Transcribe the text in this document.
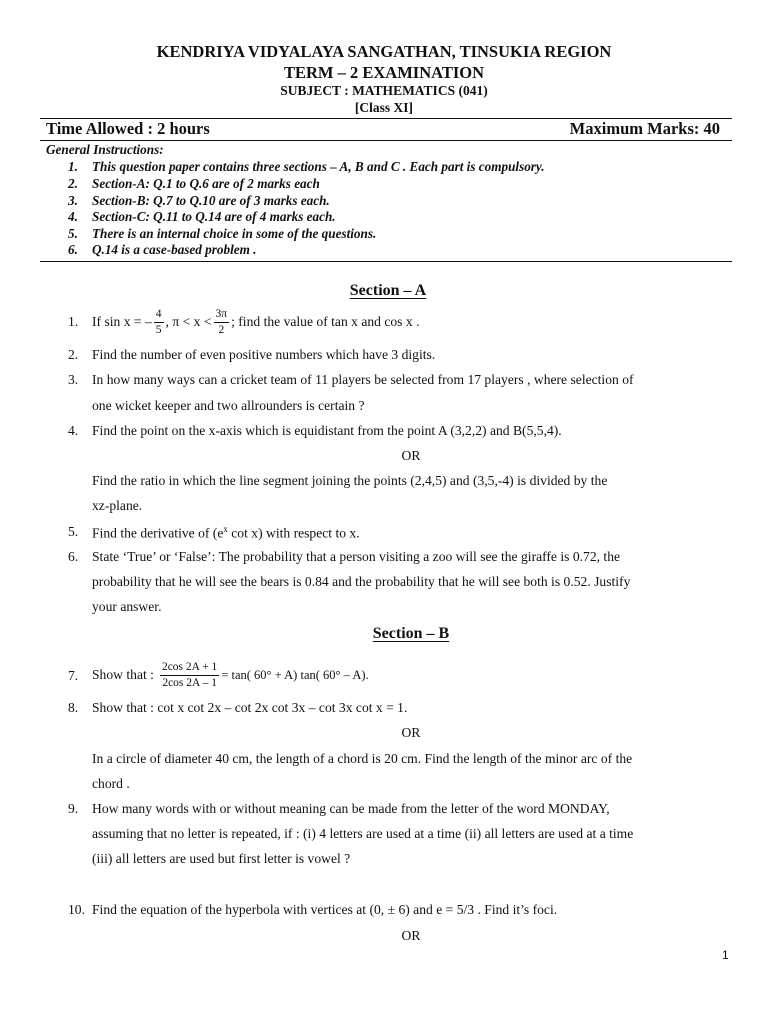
KENDRIYA VIDYALAYA SANGATHAN, TINSUKIA REGION
TERM – 2 EXAMINATION
SUBJECT : MATHEMATICS (041)
[Class XI]
Time Allowed : 2 hours	Maximum Marks: 40
General Instructions:
1. This question paper contains three sections – A, B and C . Each part is compulsory.
2. Section-A: Q.1 to Q.6 are of 2 marks each
3. Section-B: Q.7 to Q.10 are of 3 marks each.
4. Section-C: Q.11 to Q.14 are of 4 marks each.
5. There is an internal choice in some of the questions.
6. Q.14 is a case-based problem .
Section – A
1. If sin x = – $\frac{4}{5}$ , $\pi < x < \frac{3\pi}{2}$ ; find the value of tan x and cos x .
2. Find the number of even positive numbers which have 3 digits.
3. In how many ways can a cricket team of 11 players be selected from 17 players , where selection of
one wicket keeper and two allrounders is certain ?
4. Find the point on the x-axis which is equidistant from the point A (3,2,2) and B(5,5,4).
OR
Find the ratio in which the line segment joining the points (2,4,5) and (3,5,-4) is divided by the
xz-plane.
5. Find the derivative of ($e^x$ cot x) with respect to x.
6. State ‘True’ or ‘False’: The probability that a person visiting a zoo will see the giraffe is 0.72, the
probability that he will see the bears is 0.84 and the probability that he will see both is 0.52. Justify
your answer.
Section – B
7. Show that : $\frac{2\cos 2A + 1}{2\cos 2A - 1} = \tan$( 60° + A) tan( 60° – A).
8. Show that : cot x cot 2x – cot 2x cot 3x – cot 3x cot x = 1.
OR
In a circle of diameter 40 cm, the length of a chord is 20 cm. Find the length of the minor arc of the
chord .
9. How many words with or without meaning can be made from the letter of the word MONDAY,
assuming that no letter is repeated, if : (i) 4 letters are used at a time (ii) all letters are used at a time
(iii) all letters are used but first letter is vowel ?
10. Find the equation of the hyperbola with vertices at (0, ± 6) and e = 5/3 . Find it’s foci.
OR
1
